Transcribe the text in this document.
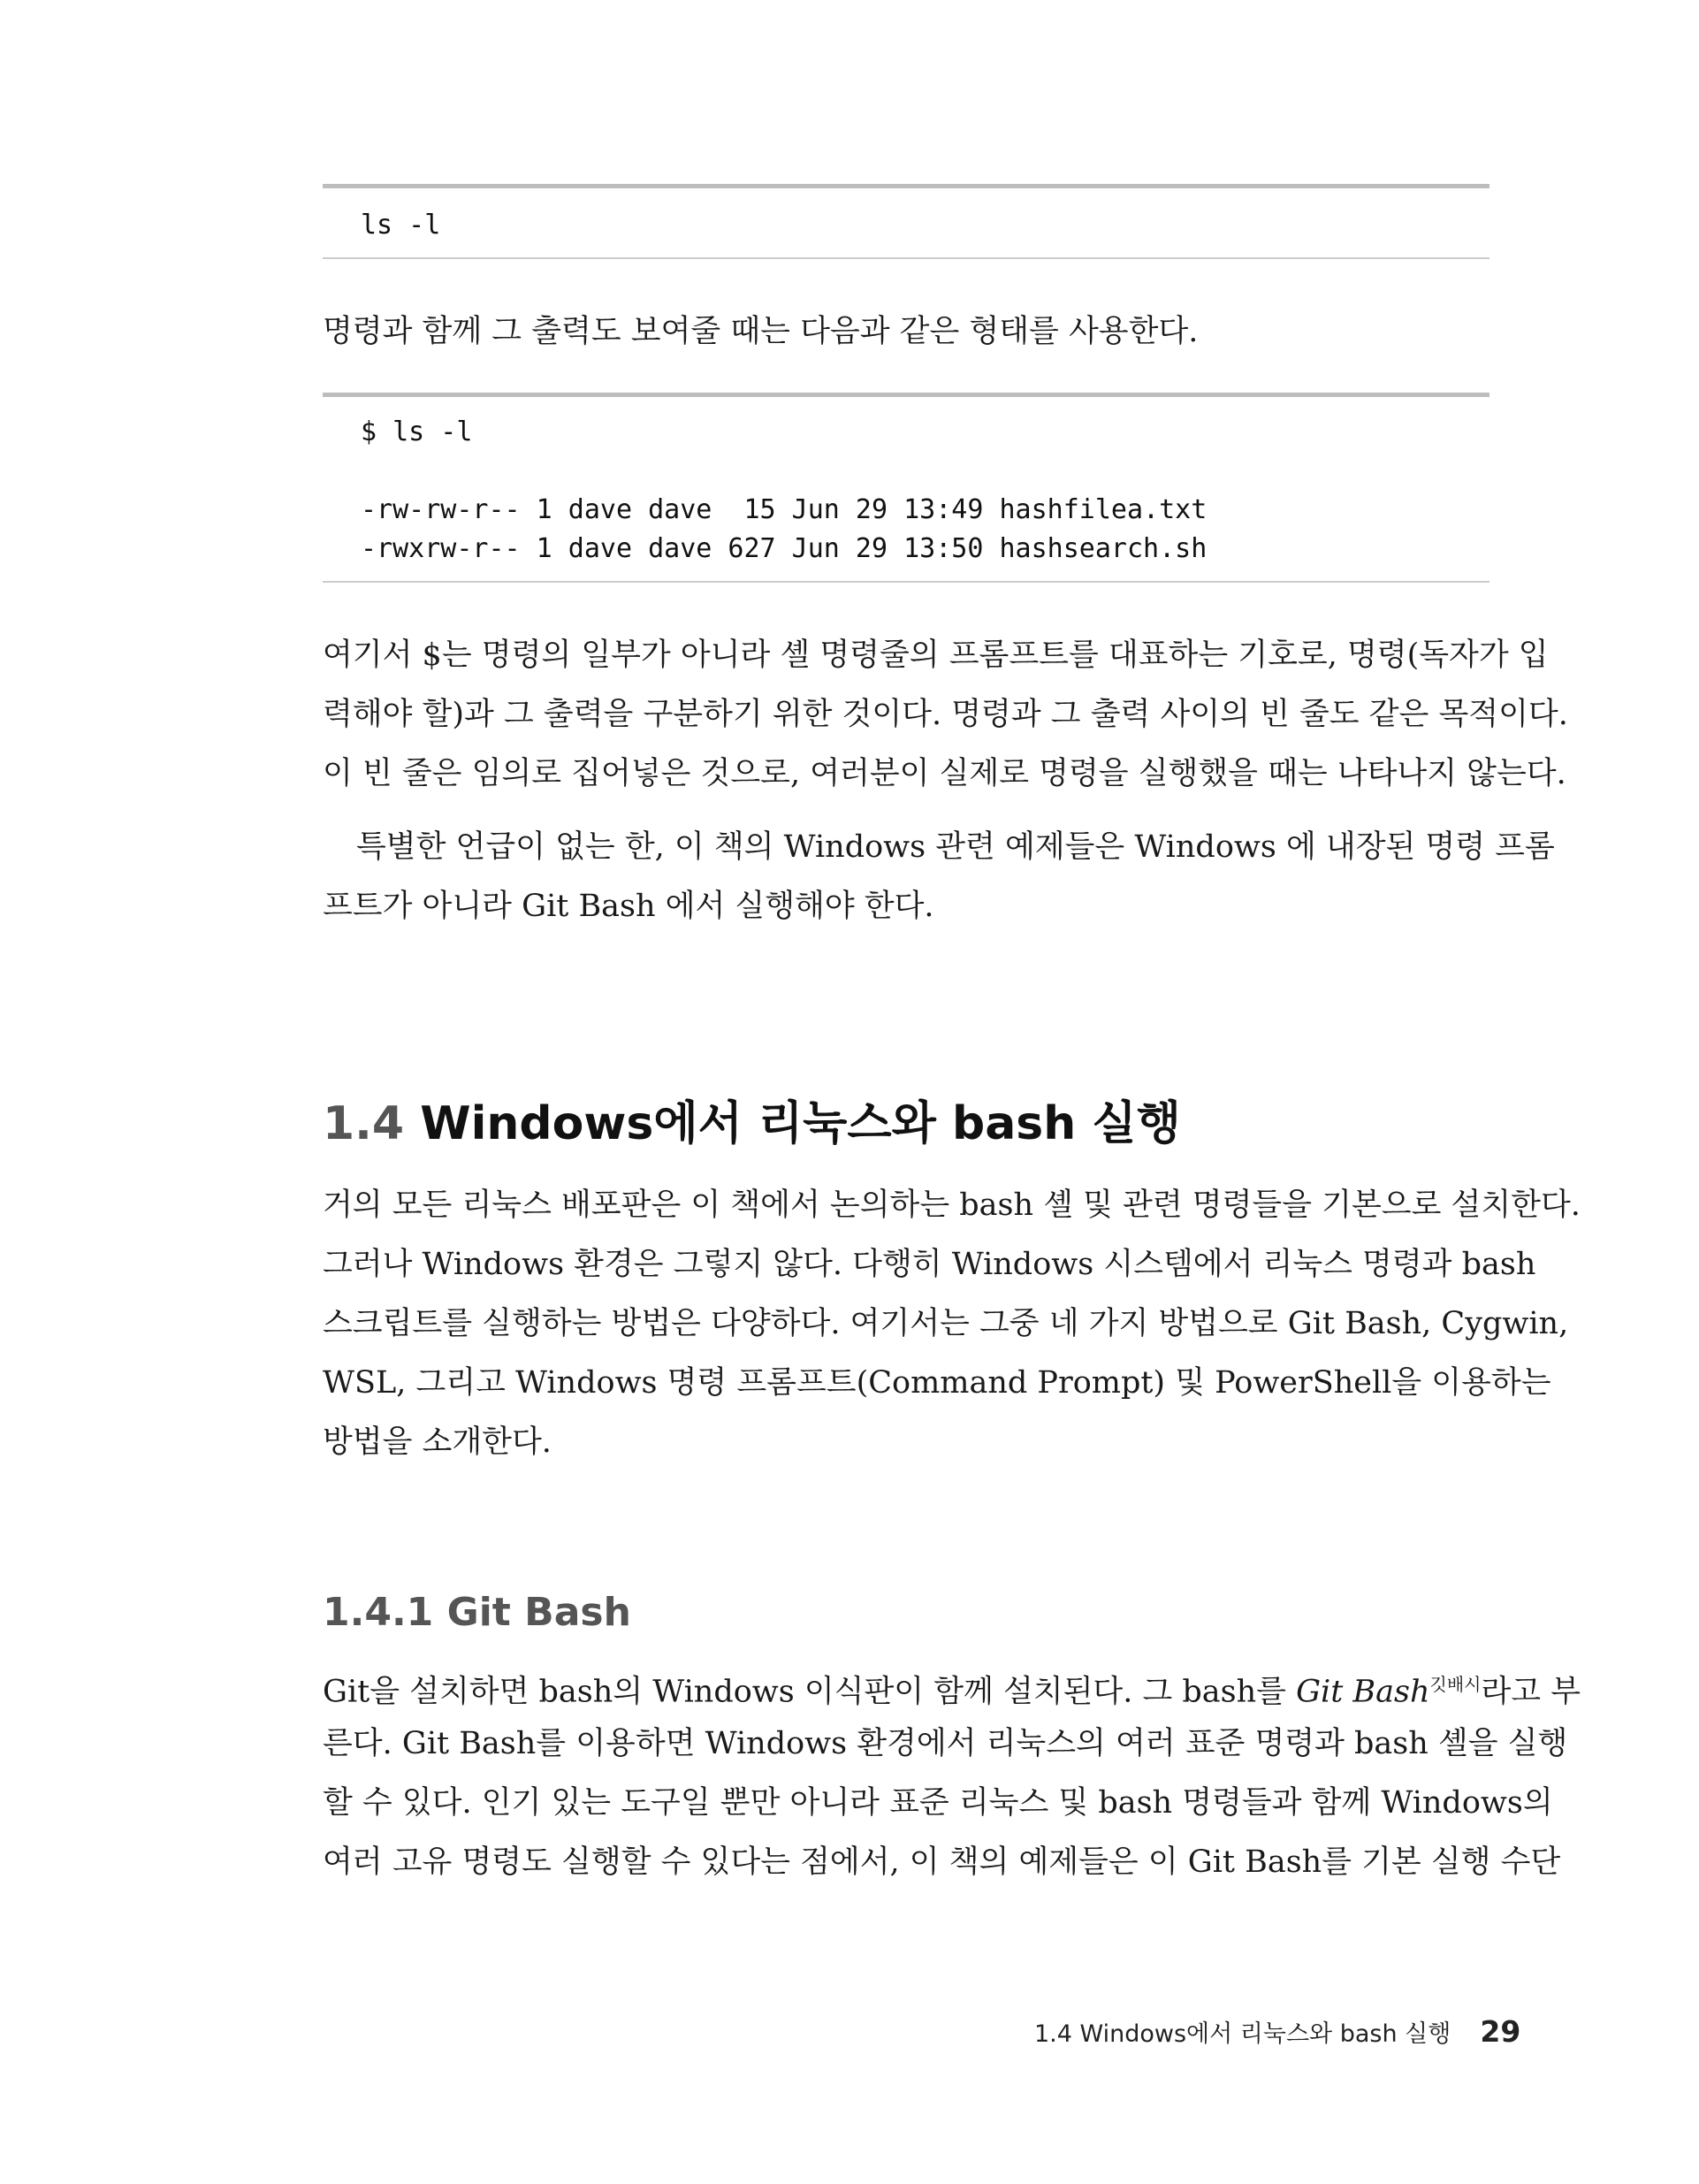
ls -l
명령과 함께 그 출력도 보여줄 때는 다음과 같은 형태를 사용한다.
$ ls -l
-rw-rw-r-- 1 dave dave  15 Jun 29 13:49 hashfilea.txt
-rwxrw-r-- 1 dave dave 627 Jun 29 13:50 hashsearch.sh
여기서 $는 명령의 일부가 아니라 셸 명령줄의 프롬프트를 대표하는 기호로, 명령(독자가 입
력해야 할)과 그 출력을 구분하기 위한 것이다. 명령과 그 출력 사이의 빈 줄도 같은 목적이다.
이 빈 줄은 임의로 집어넣은 것으로, 여러분이 실제로 명령을 실행했을 때는 나타나지 않는다.
특별한 언급이 없는 한, 이 책의 Windows 관련 예제들은 Windows 에 내장된 명령 프롬
프트가 아니라 Git Bash 에서 실행해야 한다.
1.4 Windows에서 리눅스와 bash 실행
거의 모든 리눅스 배포판은 이 책에서 논의하는 bash 셸 및 관련 명령들을 기본으로 설치한다.
그러나 Windows 환경은 그렇지 않다. 다행히 Windows 시스템에서 리눅스 명령과 bash
스크립트를 실행하는 방법은 다양하다. 여기서는 그중 네 가지 방법으로 Git Bash, Cygwin,
WSL, 그리고 Windows 명령 프롬프트(Command Prompt) 및 PowerShell을 이용하는
방법을 소개한다.
1.4.1 Git Bash
Git을 설치하면 bash의 Windows 이식판이 함께 설치된다. 그 bash를 Git Bash$^{깃배시}$라고 부
른다. Git Bash를 이용하면 Windows 환경에서 리눅스의 여러 표준 명령과 bash 셸을 실행
할 수 있다. 인기 있는 도구일 뿐만 아니라 표준 리눅스 및 bash 명령들과 함께 Windows의
여러 고유 명령도 실행할 수 있다는 점에서, 이 책의 예제들은 이 Git Bash를 기본 실행 수단
1.4 Windows에서 리눅스와 bash 실행 29
